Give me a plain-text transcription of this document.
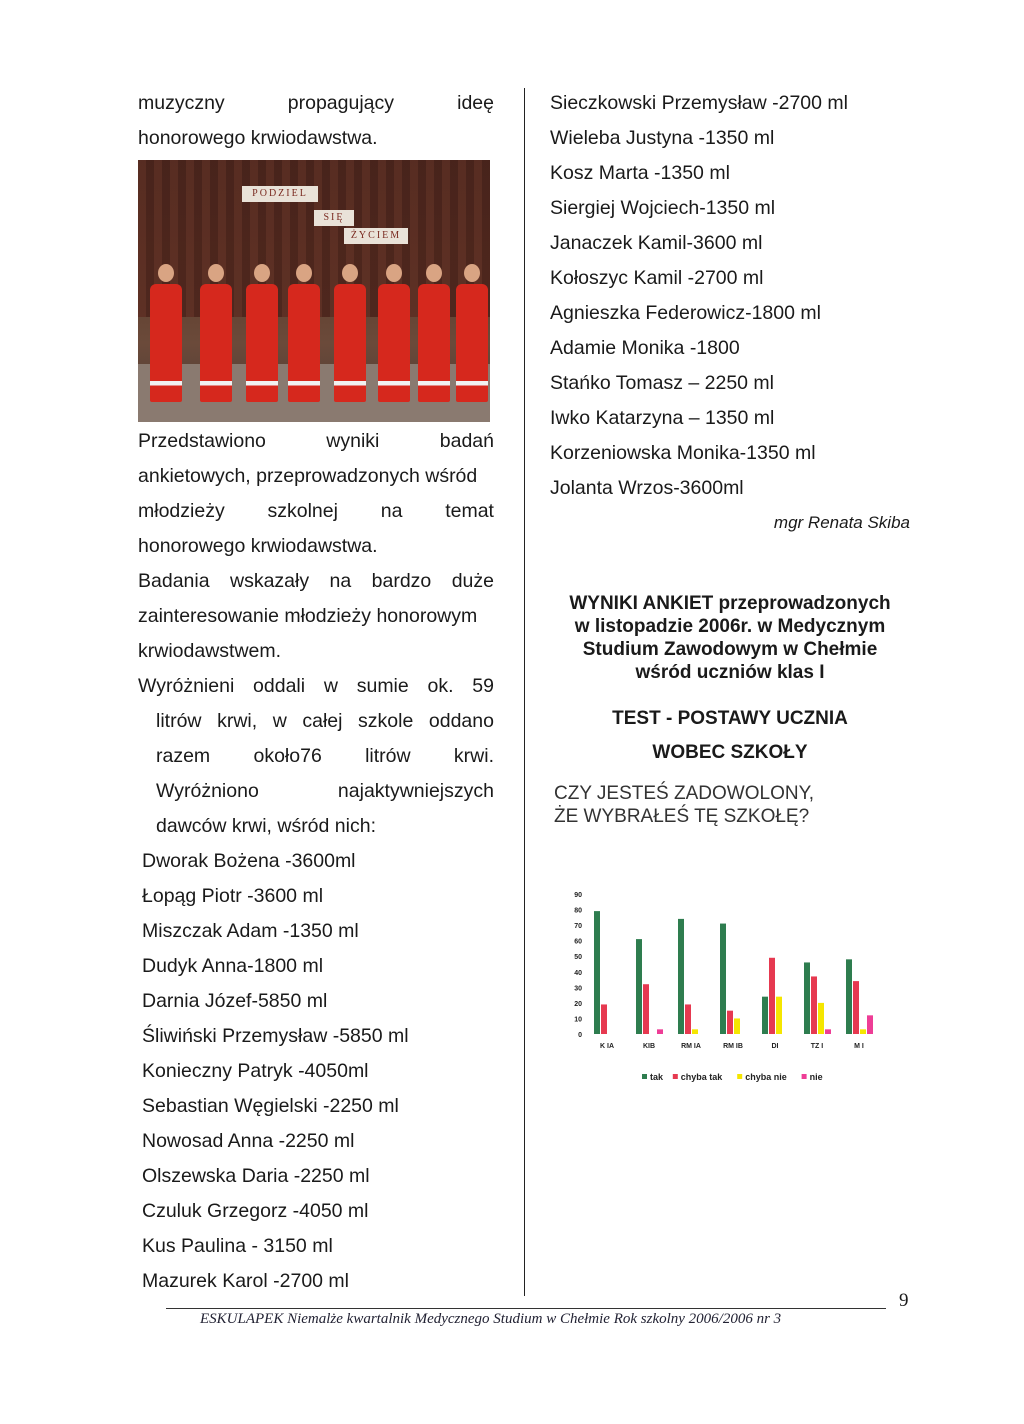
muzyczny	propagujący	ideę
honorowego krwiodawstwa.
PODZIEL
SIĘ
ŻYCIEM
Przedstawiono	wyniki	badań
ankietowych, przeprowadzonych wśród
młodzieży szkolnej na temat
honorowego krwiodawstwa.
Badania wskazały na bardzo duże
zainteresowanie młodzieży honorowym
krwiodawstwem.
Wyróżnieni oddali w sumie ok. 59
litrów krwi, w całej szkole oddano
razem około76 litrów krwi.
Wyróżniono	najaktywniejszych
dawców krwi, wśród nich:
Dworak Bożena -3600ml
Łopąg Piotr -3600 ml
Miszczak Adam -1350 ml
Dudyk Anna-1800 ml
Darnia Józef-5850 ml
Śliwiński Przemysław -5850 ml
Konieczny Patryk -4050ml
Sebastian Węgielski -2250 ml
Nowosad Anna -2250 ml
Olszewska Daria -2250 ml
Czuluk Grzegorz -4050 ml
Kus Paulina - 3150 ml
Mazurek Karol -2700 ml
Sieczkowski Przemysław -2700 ml
Wieleba Justyna -1350 ml
Kosz Marta -1350 ml
Siergiej Wojciech-1350 ml
Janaczek Kamil-3600 ml
Kołoszyc Kamil -2700 ml
Agnieszka Federowicz-1800 ml
Adamie Monika -1800
Stańko Tomasz – 2250 ml
Iwko Katarzyna – 1350 ml
Korzeniowska Monika-1350 ml
Jolanta Wrzos-3600ml
mgr Renata Skiba
WYNIKI ANKIET przeprowadzonych
w listopadzie 2006r. w Medycznym
Studium Zawodowym w Chełmie
wśród uczniów klas I
TEST - POSTAWY UCZNIA
WOBEC SZKOŁY
CZY JESTEŚ ZADOWOLONY,
ŻE WYBRAŁEŚ TĘ SZKOŁĘ?
90
80
70
60
50
40
30
20
10
0
K IA	KIB	RM IA	RM IB	DI	TZ I	M I
tak chyba tak	chyba nie	nie
9
ESKULAPEK Niemalże kwartalnik Medycznego Studium w Chełmie Rok szkolny 2006/2006 nr 3
